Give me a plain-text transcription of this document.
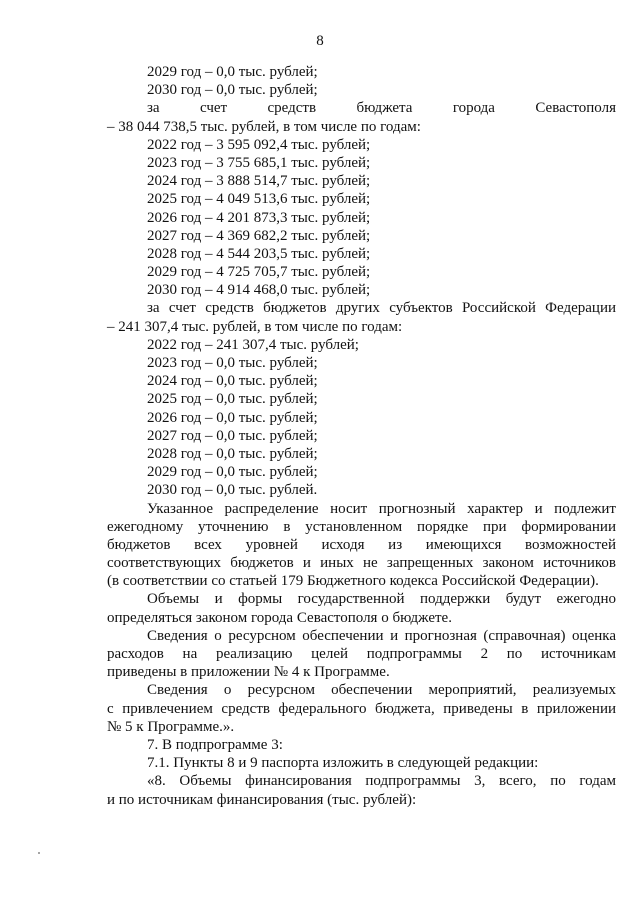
8
2029 год – 0,0 тыс. рублей;
2030 год – 0,0 тыс. рублей;
за счет средств бюджета города Севастополя
– 38 044 738,5 тыс. рублей, в том числе по годам:
2022 год – 3 595 092,4 тыс. рублей;
2023 год – 3 755 685,1 тыс. рублей;
2024 год – 3 888 514,7 тыс. рублей;
2025 год – 4 049 513,6 тыс. рублей;
2026 год – 4 201 873,3 тыс. рублей;
2027 год – 4 369 682,2 тыс. рублей;
2028 год – 4 544 203,5 тыс. рублей;
2029 год – 4 725 705,7 тыс. рублей;
2030 год – 4 914 468,0 тыс. рублей;
за счет средств бюджетов других субъектов Российской Федерации
– 241 307,4 тыс. рублей, в том числе по годам:
2022 год – 241 307,4 тыс. рублей;
2023 год – 0,0 тыс. рублей;
2024 год – 0,0 тыс. рублей;
2025 год – 0,0 тыс. рублей;
2026 год – 0,0 тыс. рублей;
2027 год – 0,0 тыс. рублей;
2028 год – 0,0 тыс. рублей;
2029 год – 0,0 тыс. рублей;
2030 год – 0,0 тыс. рублей.
Указанное распределение носит прогнозный характер и подлежит
ежегодному уточнению в установленном порядке при формировании
бюджетов всех уровней исходя из имеющихся возможностей
соответствующих бюджетов и иных не запрещенных законом источников
(в соответствии со статьей 179 Бюджетного кодекса Российской Федерации).
Объемы и формы государственной поддержки будут ежегодно
определяться законом города Севастополя о бюджете.
Сведения о ресурсном обеспечении и прогнозная (справочная) оценка
расходов на реализацию целей подпрограммы 2 по источникам
приведены в приложении № 4 к Программе.
Сведения о ресурсном обеспечении мероприятий, реализуемых
с привлечением средств федерального бюджета, приведены в приложении
№ 5 к Программе.».
7. В подпрограмме 3:
7.1. Пункты 8 и 9 паспорта изложить в следующей редакции:
«8. Объемы финансирования подпрограммы 3, всего, по годам
и по источникам финансирования (тыс. рублей):
